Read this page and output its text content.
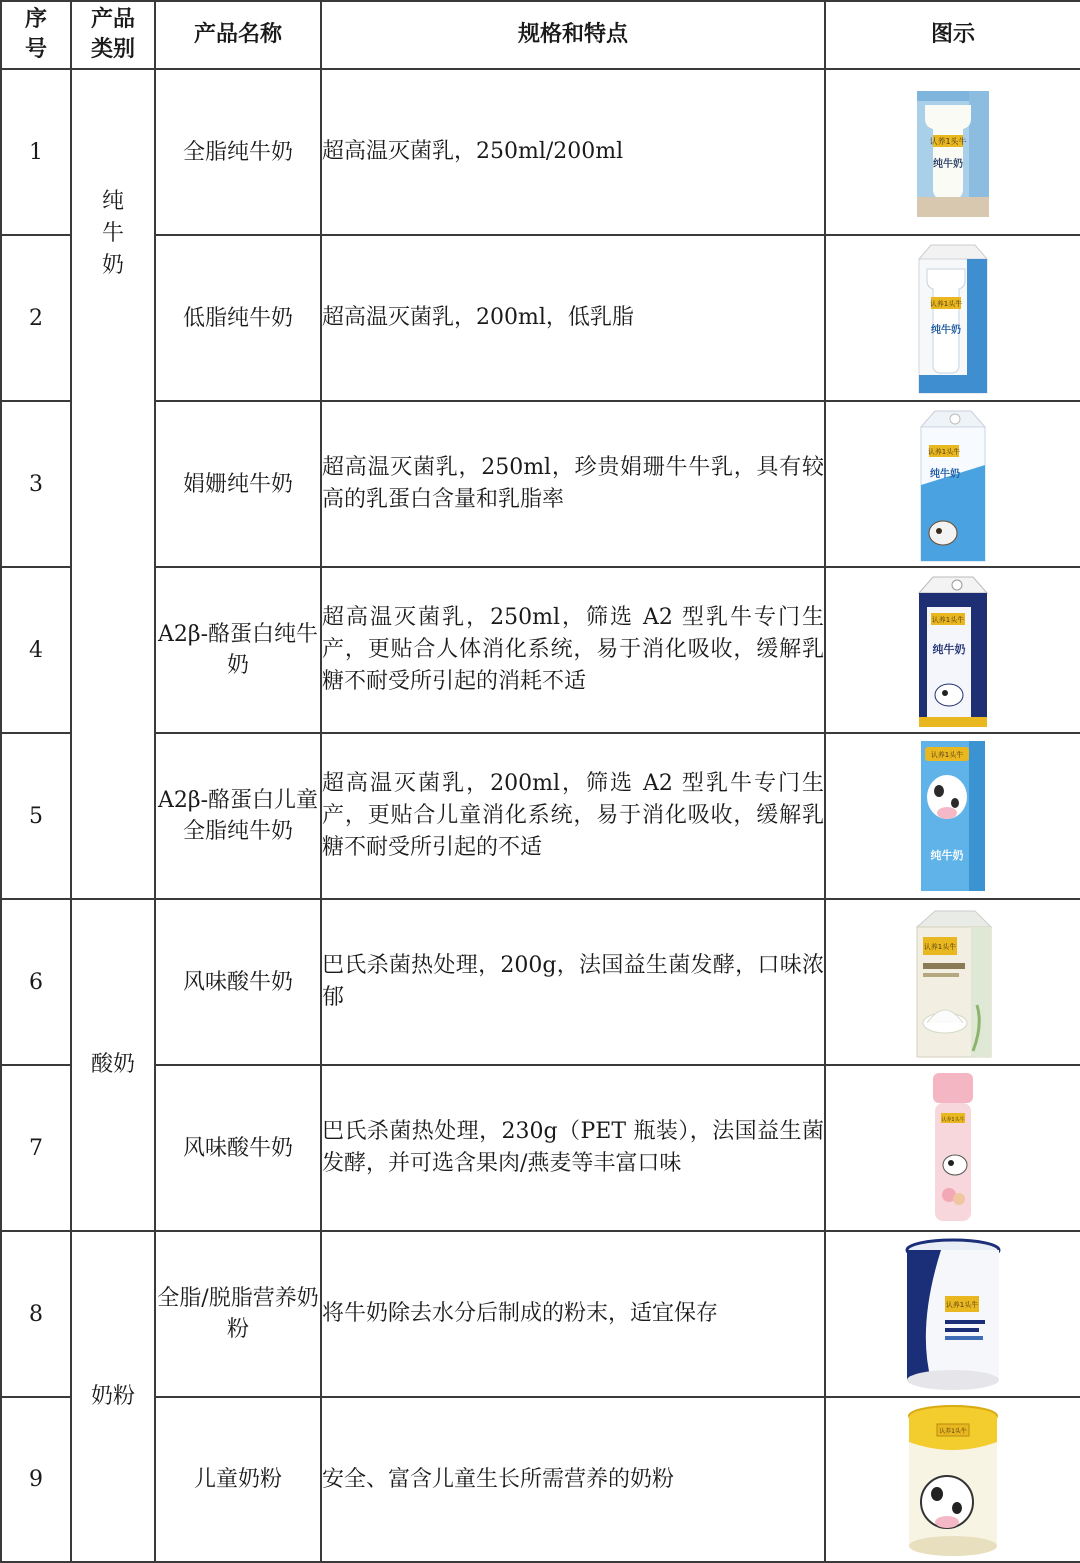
序号	产品类别	产品名称	规格和特点	图示
1	纯牛奶	全脂纯牛奶	超高温灭菌乳，250ml/200ml	认养1头牛
纯牛奶

2		低脂纯牛奶	超高温灭菌乳，200ml，低乳脂	认养1头牛
纯牛奶

3		娟姗纯牛奶	超高温灭菌乳，250ml，珍贵娟珊牛牛乳，具有较高的乳蛋白含量和乳脂率	认养1头牛
纯牛奶

4		A2β-酪蛋白纯牛奶	超高温灭菌乳，250ml，筛选 A2 型乳牛专门生产，更贴合人体消化系统，易于消化吸收，缓解乳糖不耐受所引起的消耗不适	认养1头牛
纯牛奶

5		A2β-酪蛋白儿童全脂纯牛奶	超高温灭菌乳，200ml，筛选 A2 型乳牛专门生产，更贴合儿童消化系统，易于消化吸收，缓解乳糖不耐受所引起的不适	纯牛奶
认养1头牛

6	酸奶	风味酸牛奶	巴氏杀菌热处理，200g，法国益生菌发酵，口味浓郁	认养1头牛

7		风味酸牛奶	巴氏杀菌热处理，230g（PET 瓶装），法国益生菌发酵，并可选含果肉/燕麦等丰富口味	认养1头牛

8	奶粉	全脂/脱脂营养奶粉	将牛奶除去水分后制成的粉末，适宜保存	认养1头牛

9		儿童奶粉	安全、富含儿童生长所需营养的奶粉	认养1头牛
